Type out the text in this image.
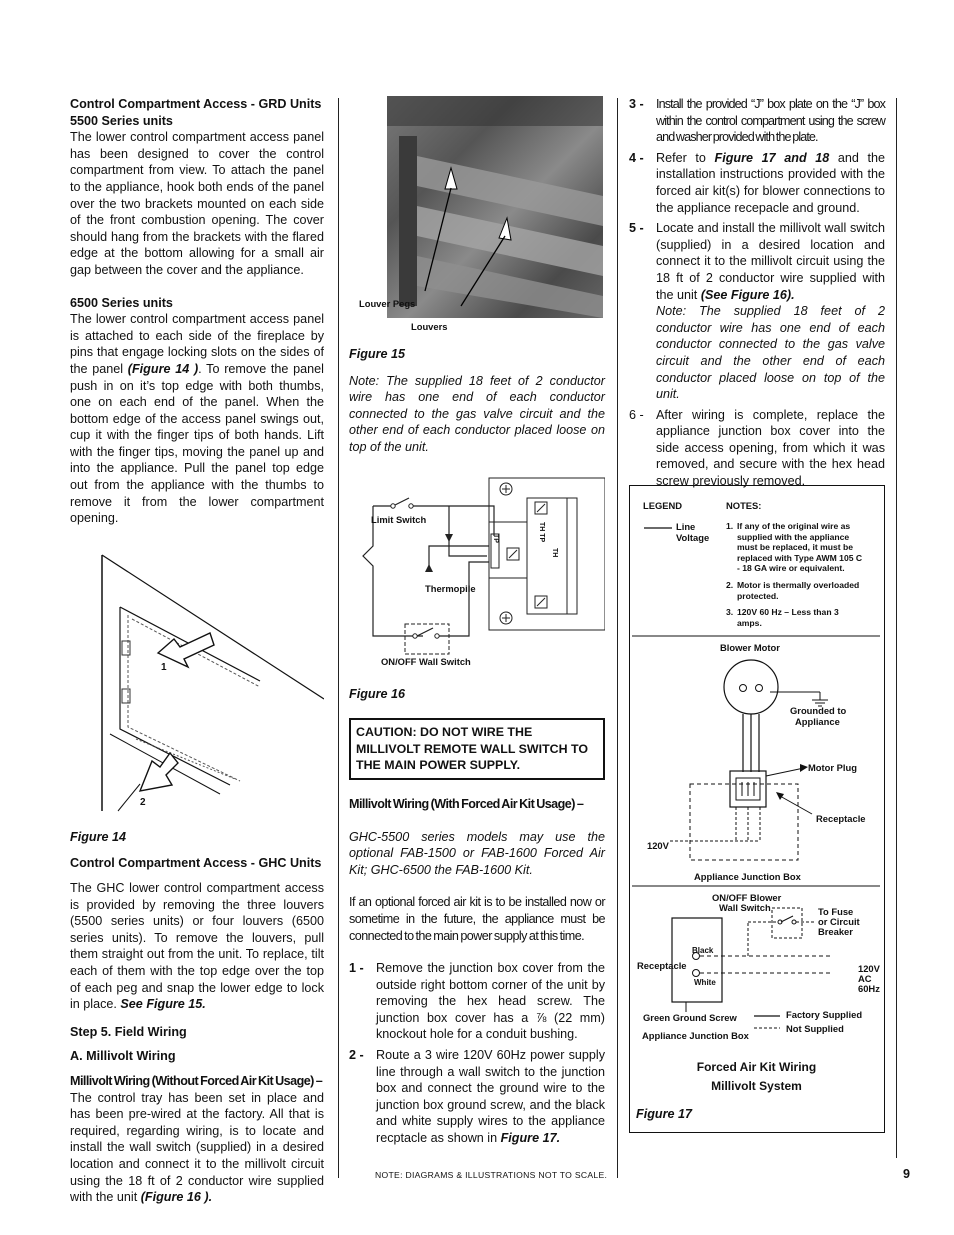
Control Compartment Access - GRD Units

5500 Series units

The lower control compartment access panel has been designed to cover the control compartment from view. To attach the panel to the appliance, hook both ends of the panel over the two brackets mounted on each side of the front combustion opening. The cover should hang from the brackets with the flared edge at the bottom allowing for a small air gap between the cover and the appliance.

6500 Series units

The lower control compartment access panel is attached to each side of the fireplace by pins that engage locking slots on the sides of the panel (Figure 14 ). To remove the panel push in on it’s top edge with both thumbs, one on each end of the panel. When the bottom edge of the access panel swings out, cup it with the finger tips of both hands. Lift with the finger tips, moving the panel up and into the appliance. Pull the panel top edge out from the appliance with the thumbs to remove it from the lower compartment opening.

1
2

Figure 14

Control Compartment Access - GHC Units

The GHC lower control compartment access is provided by removing the three louvers (5500 series units) or four louvers (6500 series units). To remove the louvers, pull them straight out from the unit. To replace, tilt each of them with the top edge over the top of each peg and snap the lower edge to lock in place. See Figure 15.

Step 5. Field Wiring

A. Millivolt Wiring

Millivolt Wiring (Without Forced Air Kit Usage) –

The control tray has been set in place and has been pre-wired at the factory. All that is required, regarding wiring, is to locate and install the wall switch (supplied) in a desired location and connect it to the millivolt circuit using the 18 ft of 2 conductor wire supplied with the unit (Figure 16 ).

Louver Pegs
Louvers

Figure 15

Note: The supplied 18 feet of 2 conductor wire has one end of each conductor connected to the gas valve circuit and the other end of each conductor placed loose on top of the unit.

Limit Switch
Thermopile
ON/OFF Wall Switch
TH TP
TP
TH

Figure 16

CAUTION: DO NOT WIRE THE MILLIVOLT REMOTE WALL SWITCH TO THE MAIN POWER SUPPLY.

Millivolt Wiring (With Forced Air Kit Usage) –

GHC-5500 series models may use the optional FAB-1500 or FAB-1600 Forced Air Kit; GHC-6500 the FAB-1600 Kit.

If an optional forced air kit is to be installed now or sometime in the future, the appliance must be connected to the main power supply at this time.

1 - Remove the junction box cover from the outside right bottom corner of the unit by removing the hex head screw. The junction box cover has a ⅞ (22 mm) knockout hole for a conduit bushing.
2 - Route a 3 wire 120V 60Hz power supply line through a wall switch to the junction box and connect the ground wire to the junction box ground screw, and the black and white supply wires to the appliance recptacle as shown in Figure 17.
NOTE: DIAGRAMS & ILLUSTRATIONS NOT TO SCALE.
3 - Install the provided “J” box plate on the “J” box within the control compartment using the screw and washer provided with the plate.
4 - Refer to Figure 17 and 18 and the installation instructions provided with the forced air kit(s) for blower connections to the appliance recepacle and ground.
5 - Locate and install the millivolt wall switch (supplied) in a desired location and connect it to the millivolt circuit using the 18 ft of 2 conductor wire supplied with the unit (See Figure 16).
Note: The supplied 18 feet of 2 conductor wire has one end of each conductor connected to the gas valve circuit and the other end of each conductor placed loose on top of the unit.
6 - After wiring is complete, replace the appliance junction box cover into the side access opening, from which it was removed, and secure with the hex head screw previously removed.
LEGEND
Line
Voltage
NOTES:
1. If any of the original wire as
supplied with the appliance
must be replaced, it must be
replaced with Type AWM 105 C
- 18 GA wire or equivalent.
2. Motor is thermally overloaded
protected.
3. 120V 60 Hz – Less than 3
amps.
Blower Motor
Grounded to
Appliance
Motor Plug
Receptacle
120V
Appliance Junction Box
ON/OFF Blower
Wall Switch	To Fuse
or Circuit
Breaker
Black
White
Receptacle	120V
AC
60Hz
Green Ground Screw	Factory Supplied
Not Supplied
Appliance Junction Box
Forced Air Kit Wiring
Millivolt System
Figure 17
9
